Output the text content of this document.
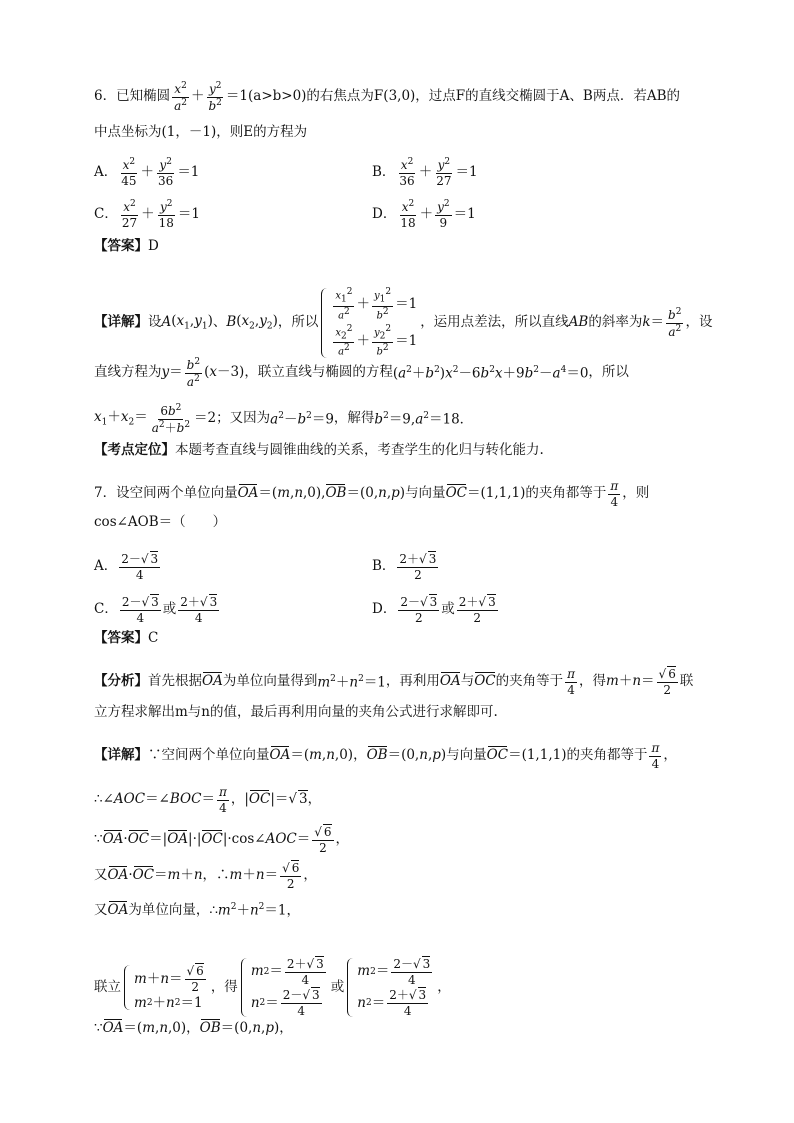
6．已知椭圆 $\frac{x^2}{a^2} + \frac{y^2}{b^2} =1$ (a>b>0)的右焦点为F(3,0)，过点F的直线交椭圆于A、B两点．若AB的
中点坐标为(1，－1)，则E的方程为
A． $\frac{x^2}{45} + \frac{y^2}{36} =1$	B． $\frac{x^2}{36} + \frac{y^2}{27} =1$
C． $\frac{x^2}{27} + \frac{y^2}{18} =1$	D． $\frac{x^2}{18} + \frac{y^2}{9} =1$
【答案】 D
【详解】 设 A $(x_1,y_1)$ 、 B $(x_2,y_2)$ ，所以
$\frac{x_1^2}{a^2} + \frac{y_1^2}{b^2} =1$
$\frac{x_2^2}{a^2} + \frac{y_2^2}{b^2} =1$
，运用点差法，所以直线 AB 的斜率为 $k = \frac{b^2}{a^2}$ ，设
直线方程为 $y = \frac{b^2}{a^2} (x-3)$ ，联立直线与椭圆的方程 $(a^2+b^2)x^2-6b^2x+9b^2-a^4=0$ ，所以
$x_1+x_2= \frac{6b^2}{a^2+b^2} =2$ ；又因为 $a^2-b^2=9$ ，解得 $b^2=9,a^2=18$．
【考点定位】 本题考查直线与圆锥曲线的关系，考查学生的化归与转化能力.
7．设空间两个单位向量 OA ＝(m,n,0), OB ＝(0,n,p) 与向量 OC ＝(1,1,1) 的夹角都等于 $\frac{\pi}{4}$ ，则
cos∠AOB＝（　　）
A． $\frac{2-√ 3}{4}$	B． $\frac{2+√ 3}{2}$
C． $\frac{2-√ 3}{4}$ 或 $\frac{2+√ 3}{4}$	D． $\frac{2-√ 3}{2}$ 或 $\frac{2+√ 3}{2}$
【答案】 C
【分析】 首先根据 OA 为单位向量得到 $m^2+n^2=1$ ，再利用 OA 与 OC 的夹角等于 $\frac{\pi}{4}$ ，得 $m+n= \frac{√ 6}{2}$ 联
立方程求解出m与n的值，最后再利用向量的夹角公式进行求解即可.
【详解】 ∵空间两个单位向量 OA ＝(m,n,0) ， OB ＝(0,n,p) 与向量 OC ＝(1,1,1) 的夹角都等于 $\frac{\pi}{4}$ ，
∴∠AOC＝∠BOC＝ $\frac{\pi}{4}$ ，|OC|＝√ 3，
∵OA·OC＝|OA|·|OC|·cos∠AOC＝ $\frac{√ 6}{2}$ ，
又 OA·OC＝m＋n，∴m＋n＝ $\frac{√ 6}{2}$ ，
又 OA 为单位向量， $\therefore m^2+n^2=1$，
联立
$m + n = \frac{√ 6}{2}$
m 2 ＋ n 2 ＝1
，得
m $2 = \frac{2+√ 3}{4}$
n $2 = \frac{2-√ 3}{4}$
或
m $2 = \frac{2-√ 3}{4}$
n $2 = \frac{2+√ 3}{4}$
，
∵OA＝(m,n,0)，OB＝(0,n,p)，
